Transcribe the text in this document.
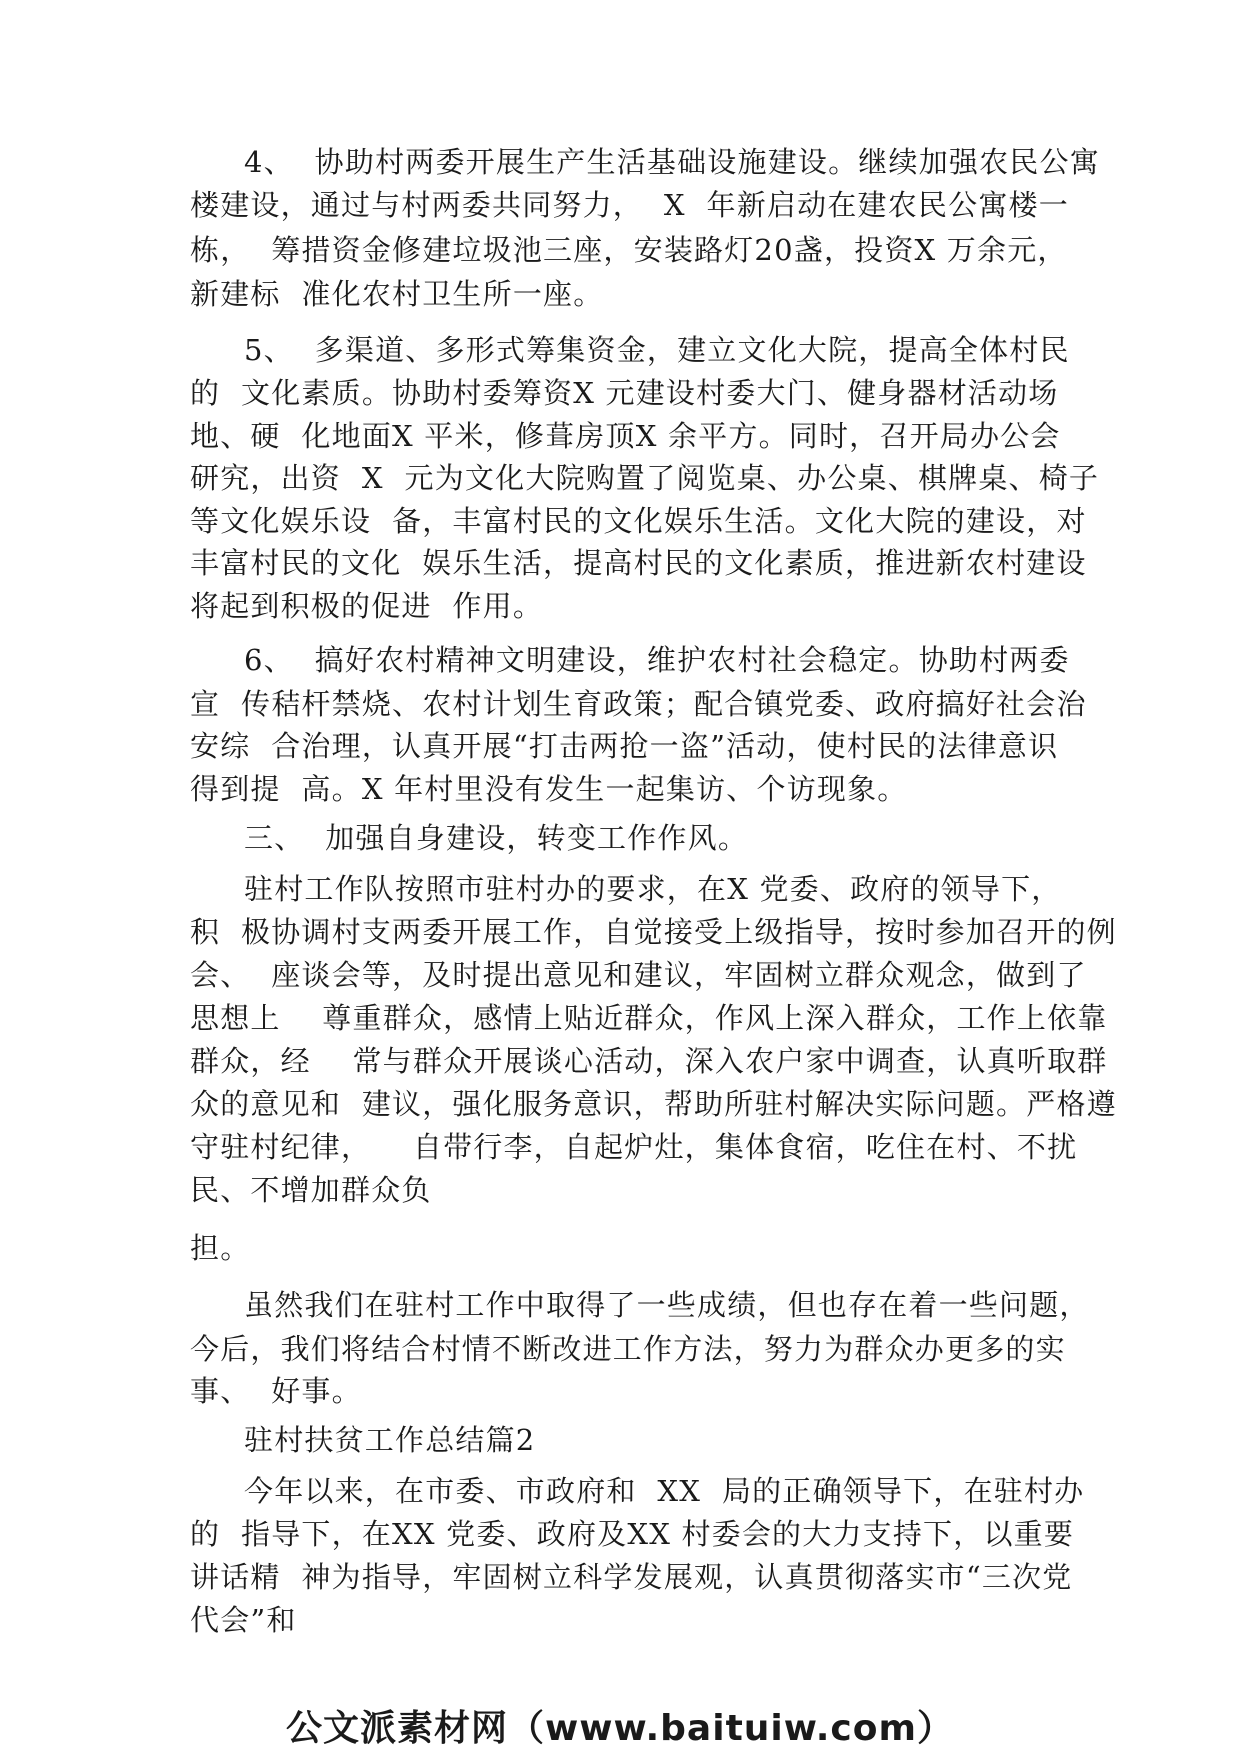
4、  协助村两委开展生产生活基础设施建设。继续加强农民公寓
楼建设，通过与村两委共同努力，  X  年新启动在建农民公寓楼一
栋，  筹措资金修建垃圾池三座，安装路灯20盏，投资X 万余元，
新建标  准化农村卫生所一座。
5、  多渠道、多形式筹集资金，建立文化大院，提高全体村民
的  文化素质。协助村委筹资X 元建设村委大门、健身器材活动场
地、硬  化地面X 平米，修葺房顶X 余平方。同时，召开局办公会
研究，出资  X  元为文化大院购置了阅览桌、办公桌、棋牌桌、椅子
等文化娱乐设  备，丰富村民的文化娱乐生活。文化大院的建设，对
丰富村民的文化  娱乐生活，提高村民的文化素质，推进新农村建设
将起到积极的促进  作用。
6、  搞好农村精神文明建设，维护农村社会稳定。协助村两委
宣  传秸杆禁烧、农村计划生育政策；配合镇党委、政府搞好社会治
安综  合治理，认真开展“打击两抢一盗”活动，使村民的法律意识
得到提  高。X 年村里没有发生一起集访、个访现象。
三、  加强自身建设，转变工作作风。
驻村工作队按照市驻村办的要求，在X 党委、政府的领导下，
积  极协调村支两委开展工作，自觉接受上级指导，按时参加召开的例
会、  座谈会等，及时提出意见和建议，牢固树立群众观念，做到了
思想上    尊重群众，感情上贴近群众，作风上深入群众，工作上依靠
群众，经    常与群众开展谈心活动，深入农户家中调查，认真听取群
众的意见和  建议，强化服务意识，帮助所驻村解决实际问题。严格遵
守驻村纪律，    自带行李，自起炉灶，集体食宿，吃住在村、不扰
民、不增加群众负
担。
虽然我们在驻村工作中取得了一些成绩，但也存在着一些问题，
今后，我们将结合村情不断改进工作方法，努力为群众办更多的实
事、  好事。
驻村扶贫工作总结篇2
今年以来，在市委、市政府和  XX  局的正确领导下，在驻村办
的  指导下，在XX 党委、政府及XX 村委会的大力支持下，以重要
讲话精  神为指导，牢固树立科学发展观，认真贯彻落实市“三次党
代会”和
公文派素材网（www.baituiw.com）
